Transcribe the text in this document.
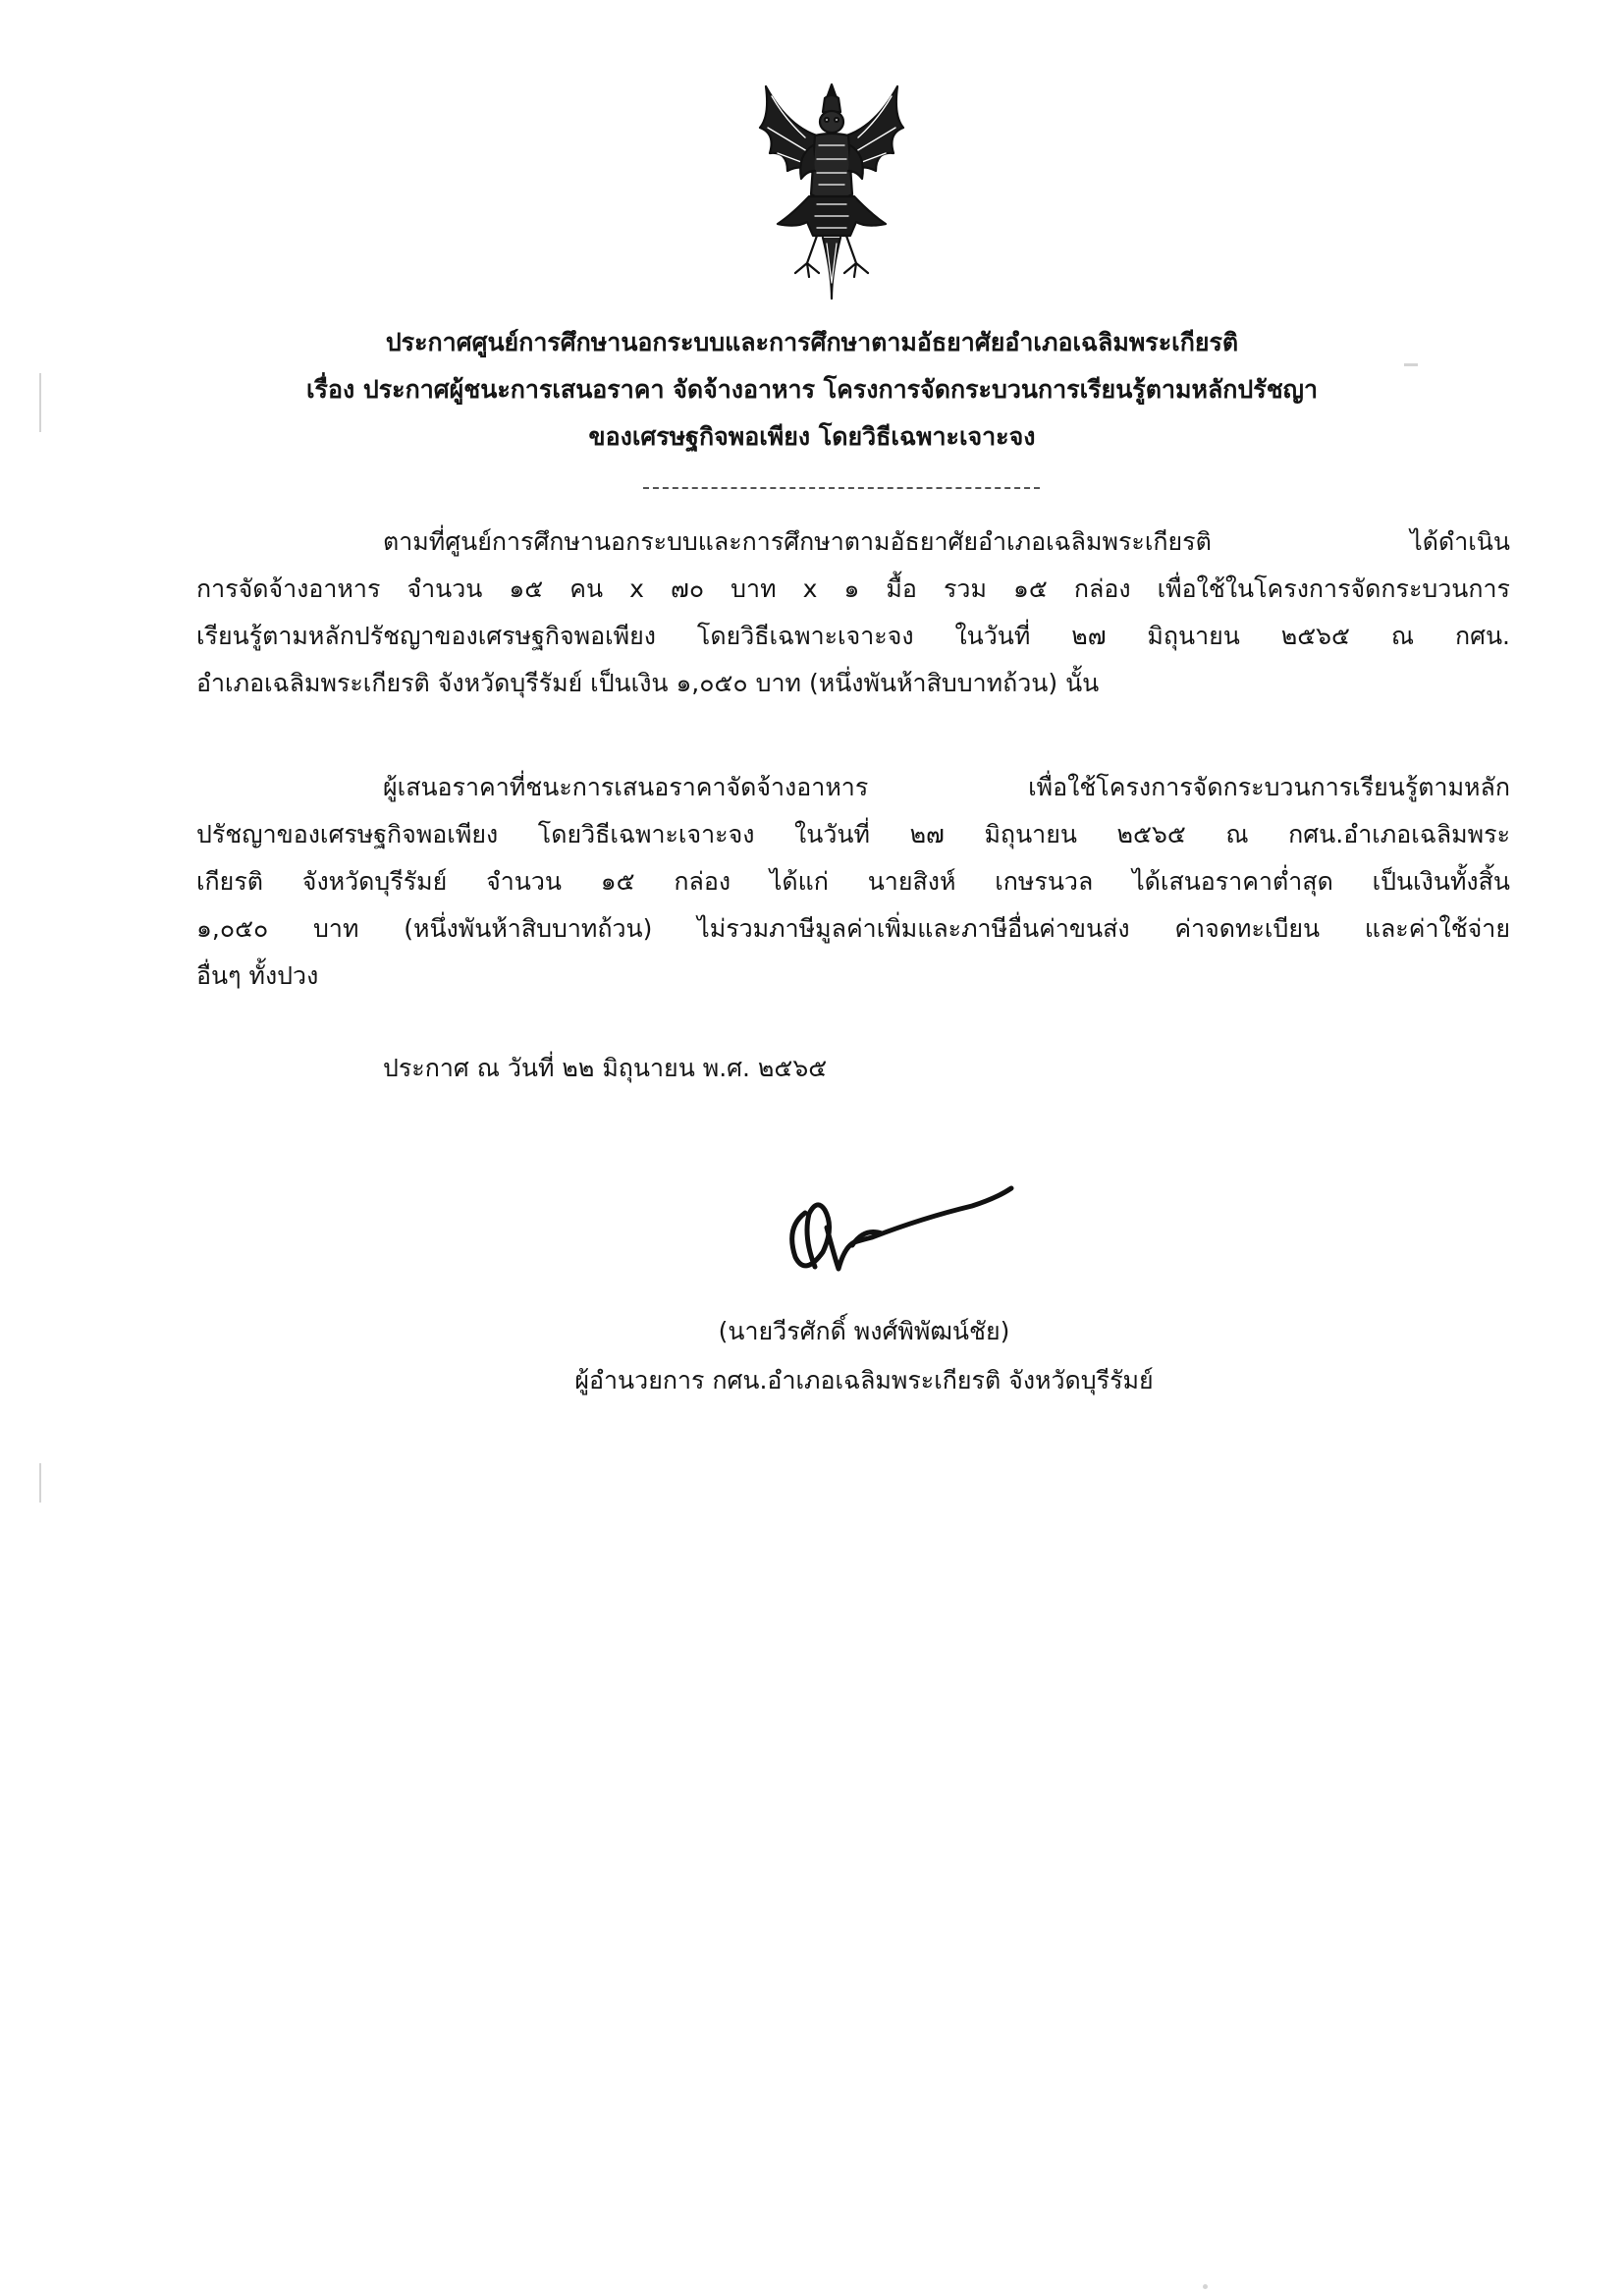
ประกาศศูนย์การศึกษานอกระบบและการศึกษาตามอัธยาศัยอำเภอเฉลิมพระเกียรติ
เรื่อง ประกาศผู้ชนะการเสนอราคา จัดจ้างอาหาร โครงการจัดกระบวนการเรียนรู้ตามหลักปรัชญา
ของเศรษฐกิจพอเพียง โดยวิธีเฉพาะเจาะจง
ตามที่ศูนย์การศึกษานอกระบบและการศึกษาตามอัธยาศัยอำเภอเฉลิมพระเกียรติ ได้ดำเนิน
การจัดจ้างอาหาร จำนวน ๑๕ คน x ๗๐ บาท x ๑ มื้อ รวม ๑๕ กล่อง เพื่อใช้ในโครงการจัดกระบวนการ
เรียนรู้ตามหลักปรัชญาของเศรษฐกิจพอเพียง โดยวิธีเฉพาะเจาะจง ในวันที่ ๒๗ มิถุนายน ๒๕๖๕ ณ กศน.
อำเภอเฉลิมพระเกียรติ จังหวัดบุรีรัมย์ เป็นเงิน ๑,๐๕๐ บาท (หนึ่งพันห้าสิบบาทถ้วน) นั้น
ผู้เสนอราคาที่ชนะการเสนอราคาจัดจ้างอาหาร เพื่อใช้โครงการจัดกระบวนการเรียนรู้ตามหลัก
ปรัชญาของเศรษฐกิจพอเพียง โดยวิธีเฉพาะเจาะจง ในวันที่ ๒๗ มิถุนายน ๒๕๖๕ ณ กศน.อำเภอเฉลิมพระ
เกียรติ จังหวัดบุรีรัมย์ จำนวน ๑๕ กล่อง ได้แก่ นายสิงห์ เกษรนวล ได้เสนอราคาต่ำสุด เป็นเงินทั้งสิ้น
๑,๐๕๐ บาท (หนึ่งพันห้าสิบบาทถ้วน) ไม่รวมภาษีมูลค่าเพิ่มและภาษีอื่นค่าขนส่ง ค่าจดทะเบียน และค่าใช้จ่าย
อื่นๆ ทั้งปวง
ประกาศ ณ วันที่ ๒๒ มิถุนายน พ.ศ. ๒๕๖๕
(นายวีรศักดิ์ พงศ์พิพัฒน์ชัย)
ผู้อำนวยการ กศน.อำเภอเฉลิมพระเกียรติ จังหวัดบุรีรัมย์
